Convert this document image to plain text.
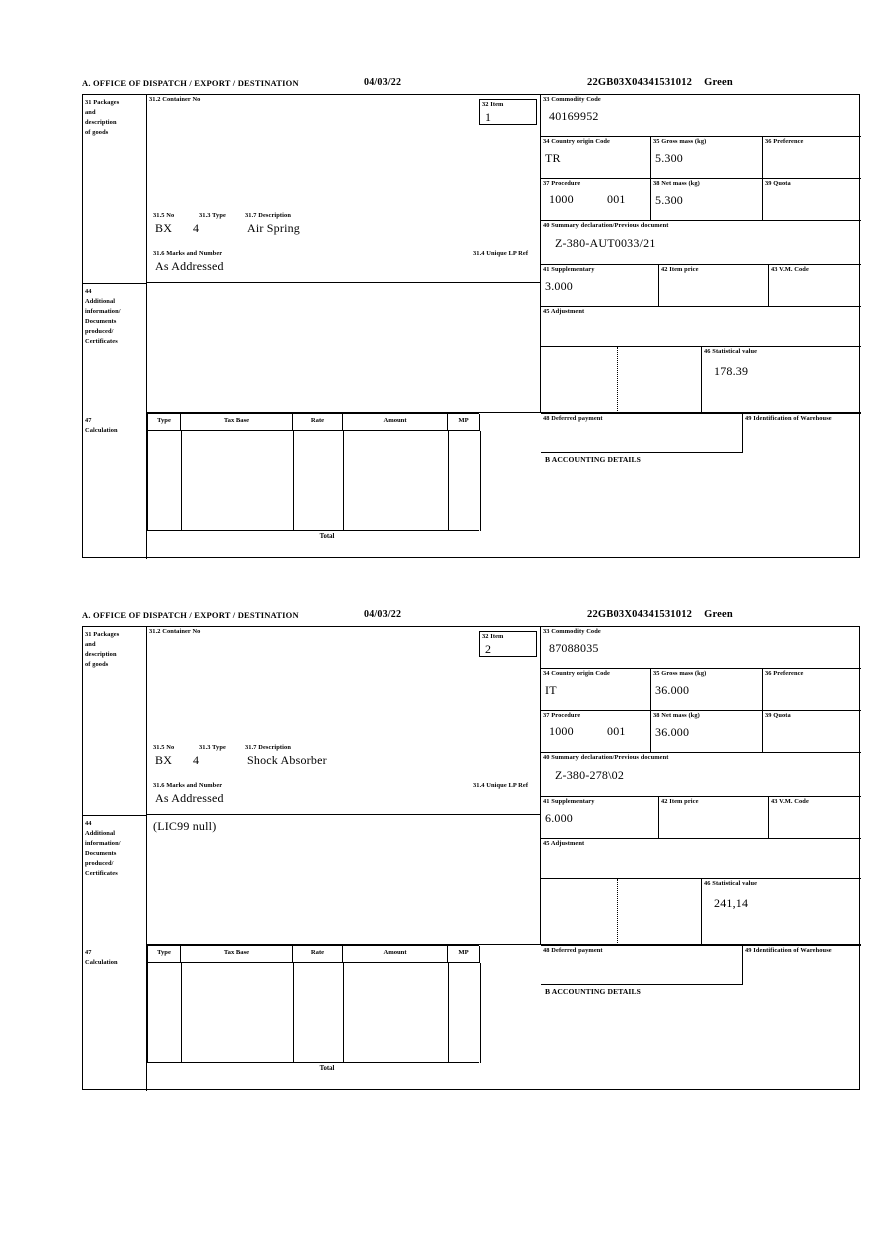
A. OFFICE OF DISPATCH / EXPORT / DESTINATION	04/03/22	22GB03X04341531012 Green
31 Packages
and
description
of goods
31.2 Container No
31.5 No	31.3 Type	31.7 Description
BX	4	Air Spring
31.6 Marks and Number	31.4 Unique LP Ref
As Addressed
32 Item
1
33 Commodity Code
40169952
34 Country origin Code
TR
35 Gross mass (kg)
5.300
36 Preference
37 Procedure
1000	001
38 Net mass (kg)
5.300
39 Quota
40 Summary declaration/Previous document
Z-380-AUT0033/21
41 Supplementary
3.000
42 Item price	43 V.M. Code
44
Additional
information/
Documents
produced/
Certificates
45 Adjustment
46 Statistical value
178.39
47
Calculation
Type	Tax Base	Rate	Amount	MP
Total
48 Deferred payment	49 Identification of Warehouse
B ACCOUNTING DETAILS
A. OFFICE OF DISPATCH / EXPORT / DESTINATION	04/03/22	22GB03X04341531012 Green
31 Packages
and
description
of goods
31.2 Container No
31.5 No	31.3 Type	31.7 Description
BX	4	Shock Absorber
31.6 Marks and Number	31.4 Unique LP Ref
As Addressed
32 Item
2
33 Commodity Code
87088035
34 Country origin Code
IT
35 Gross mass (kg)
36.000
36 Preference
37 Procedure
1000	001
38 Net mass (kg)
36.000
39 Quota
40 Summary declaration/Previous document
Z-380-278\02
41 Supplementary
6.000
42 Item price	43 V.M. Code
44
Additional
information/
Documents
produced/
Certificates
(LIC99 null)
45 Adjustment
46 Statistical value
241,14
47
Calculation
Type	Tax Base	Rate	Amount	MP
Total
48 Deferred payment	49 Identification of Warehouse
B ACCOUNTING DETAILS
